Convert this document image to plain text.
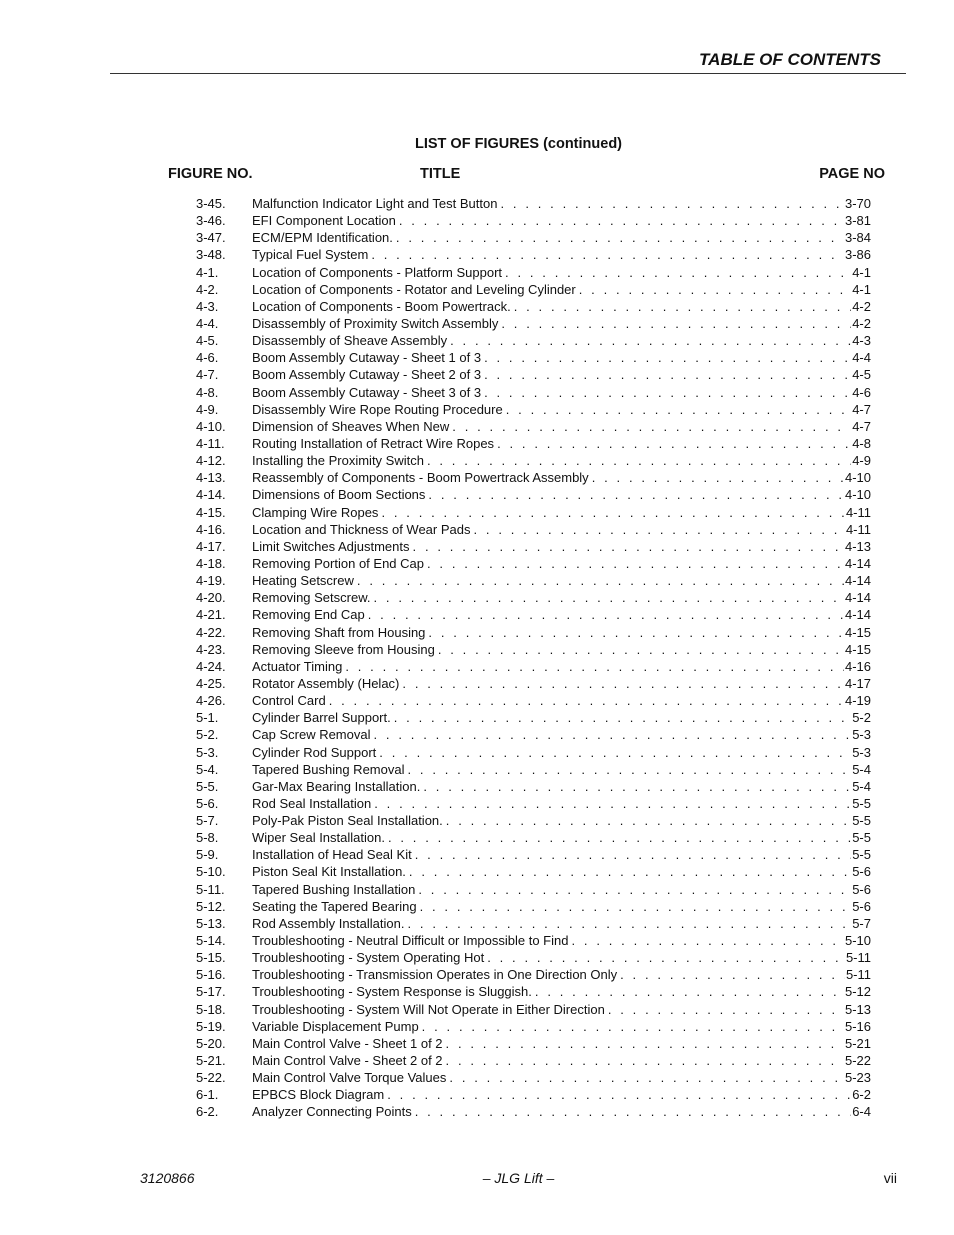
TABLE OF CONTENTS
LIST OF FIGURES (continued)
FIGURE NO.	TITLE	PAGE NO
3-45.	Malfunction Indicator Light and Test Button . . .	3-70
3-46.	EFI Component Location . . .	3-81
3-47.	ECM/EPM Identification. . . .	3-84
3-48.	Typical Fuel System . . .	3-86
4-1.	Location of Components - Platform Support . . .	4-1
4-2.	Location of Components - Rotator and Leveling Cylinder . . .	4-1
4-3.	Location of Components - Boom Powertrack. . . .	4-2
4-4.	Disassembly of Proximity Switch Assembly . . .	4-2
4-5.	Disassembly of Sheave Assembly . . .	4-3
4-6.	Boom Assembly Cutaway - Sheet 1 of 3 . . .	4-4
4-7.	Boom Assembly Cutaway - Sheet 2 of 3 . . .	4-5
4-8.	Boom Assembly Cutaway - Sheet 3 of 3 . . .	4-6
4-9.	Disassembly Wire Rope Routing Procedure . . .	4-7
4-10.	Dimension of Sheaves When New . . .	4-7
4-11.	Routing Installation of Retract Wire Ropes . . .	4-8
4-12.	Installing the Proximity Switch . . .	4-9
4-13.	Reassembly of Components - Boom Powertrack Assembly . . .	4-10
4-14.	Dimensions of Boom Sections . . .	4-10
4-15.	Clamping Wire Ropes . . .	4-11
4-16.	Location and Thickness of Wear Pads . . .	4-11
4-17.	Limit Switches Adjustments . . .	4-13
4-18.	Removing Portion of End Cap . . .	4-14
4-19.	Heating Setscrew . . .	4-14
4-20.	Removing Setscrew. . . .	4-14
4-21.	Removing End Cap . . .	4-14
4-22.	Removing Shaft from Housing . . .	4-15
4-23.	Removing Sleeve from Housing . . .	4-15
4-24.	Actuator Timing . . .	4-16
4-25.	Rotator Assembly (Helac) . . .	4-17
4-26.	Control Card . . .	4-19
5-1.	Cylinder Barrel Support. . . .	5-2
5-2.	Cap Screw Removal . . .	5-3
5-3.	Cylinder Rod Support . . .	5-3
5-4.	Tapered Bushing Removal . . .	5-4
5-5.	Gar-Max Bearing Installation. . . .	5-4
5-6.	Rod Seal Installation . . .	5-5
5-7.	Poly-Pak Piston Seal Installation. . . .	5-5
5-8.	Wiper Seal Installation. . . .	5-5
5-9.	Installation of Head Seal Kit . . .	5-5
5-10.	Piston Seal Kit Installation. . . .	5-6
5-11.	Tapered Bushing Installation . . .	5-6
5-12.	Seating the Tapered Bearing . . .	5-6
5-13.	Rod Assembly Installation. . . .	5-7
5-14.	Troubleshooting - Neutral Difficult or Impossible to Find . . .	5-10
5-15.	Troubleshooting - System Operating Hot . . .	5-11
5-16.	Troubleshooting - Transmission Operates in One Direction Only . . .	5-11
5-17.	Troubleshooting - System Response is Sluggish. . . .	5-12
5-18.	Troubleshooting - System Will Not Operate in Either Direction . . .	5-13
5-19.	Variable Displacement Pump . . .	5-16
5-20.	Main Control Valve - Sheet 1 of 2 . . .	5-21
5-21.	Main Control Valve - Sheet 2 of 2 . . .	5-22
5-22.	Main Control Valve Torque Values . . .	5-23
6-1.	EPBCS Block Diagram . . .	6-2
6-2.	Analyzer Connecting Points . . .	6-4
3120866	– JLG Lift –	vii
